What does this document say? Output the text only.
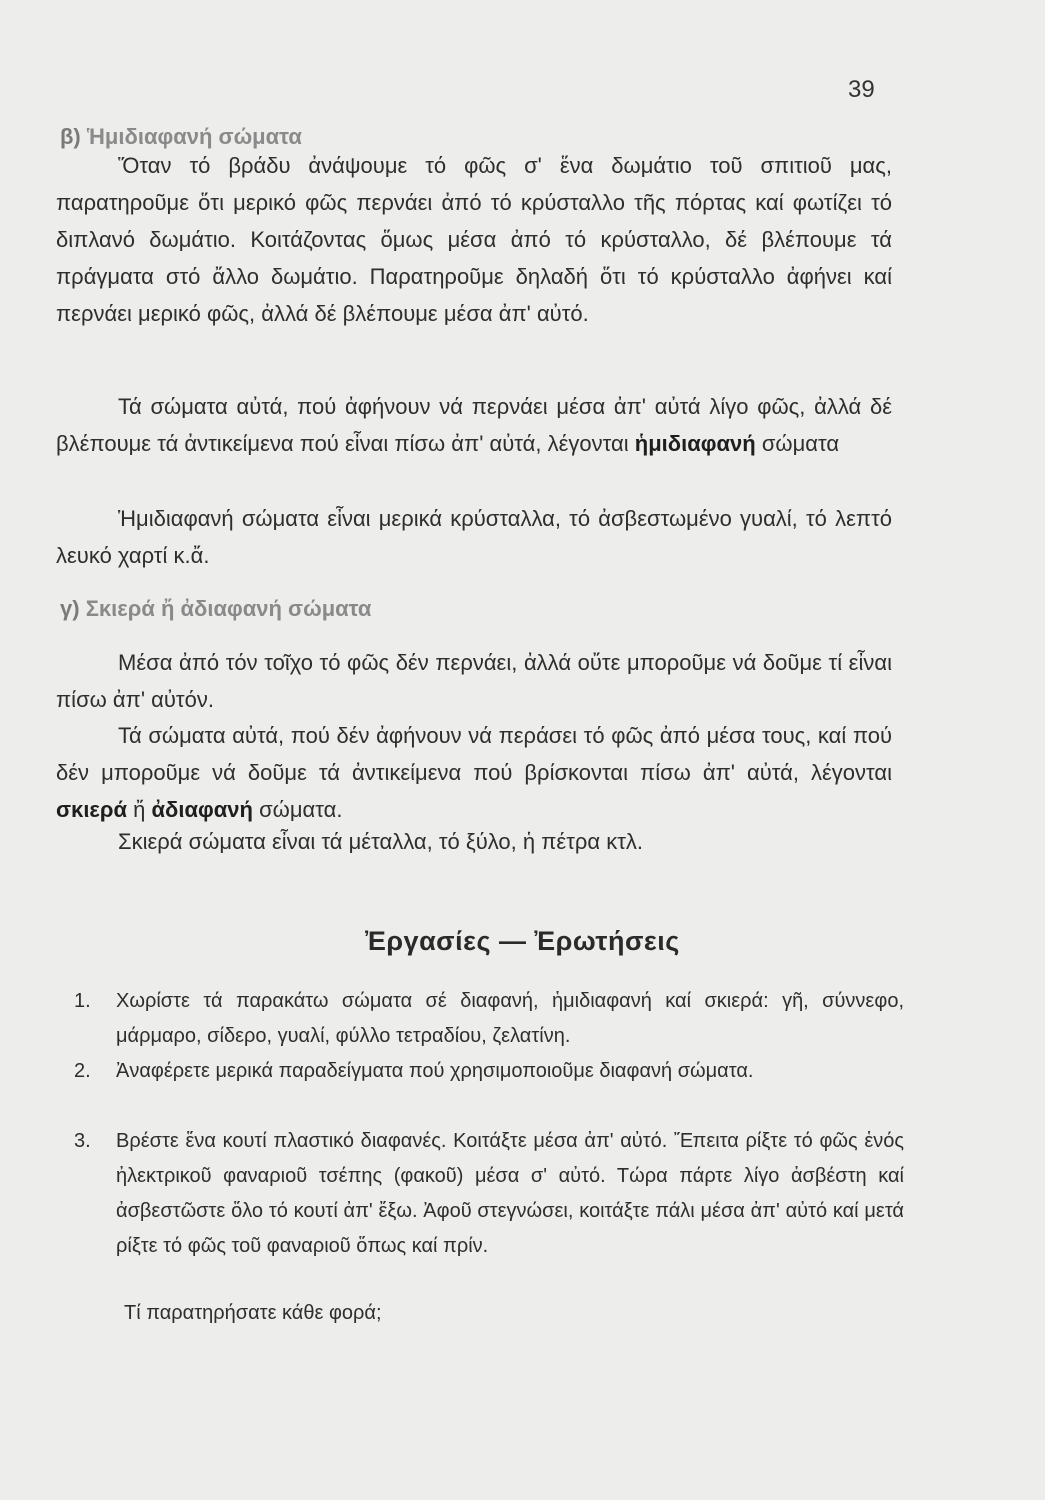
39
β) Ἡμιδιαφανή σώματα

Ὅταν τό βράδυ ἀνάψουμε τό φῶς σ' ἕνα δωμάτιο τοῦ σπιτιοῦ μας, παρατηροῦμε ὅτι μερικό φῶς περνάει ἀπό τό κρύσταλλο τῆς πόρτας καί φωτίζει τό διπλανό δωμάτιο. Κοιτάζοντας ὅμως μέσα ἀπό τό κρύσταλλο, δέ βλέπουμε τά πράγματα στό ἄλλο δωμάτιο. Παρατηροῦμε δηλαδή ὅτι τό κρύσταλλο ἀφήνει καί περνάει μερικό φῶς, ἀλλά δέ βλέπουμε μέσα ἀπ' αὐτό.

Τά σώματα αὐτά, πού ἀφήνουν νά περνάει μέσα ἀπ' αὐτά λίγο φῶς, ἀλλά δέ βλέπουμε τά ἀντικείμενα πού εἶναι πίσω ἀπ' αὐτά, λέγονται ἡμιδιαφανή σώματα

Ἡμιδιαφανή σώματα εἶναι μερικά κρύσταλλα, τό ἀσβεστωμένο γυαλί, τό λεπτό λευκό χαρτί κ.ἄ.

γ) Σκιερά ἤ ἀδιαφανή σώματα

Μέσα ἀπό τόν τοῖχο τό φῶς δέν περνάει, ἀλλά οὔτε μποροῦμε νά δοῦμε τί εἶναι πίσω ἀπ' αὐτόν.

Τά σώματα αὐτά, πού δέν ἀφήνουν νά περάσει τό φῶς ἀπό μέσα τους, καί πού δέν μποροῦμε νά δοῦμε τά ἀντικείμενα πού βρίσκονται πίσω ἀπ' αὐτά, λέγονται σκιερά ἤ ἀδιαφανή σώματα.

Σκιερά σώματα εἶναι τά μέταλλα, τό ξύλο, ἡ πέτρα κτλ.

Ἐργασίες — Ἐρωτήσεις
1.	Χωρίστε τά παρακάτω σώματα σέ διαφανή, ἡμιδιαφανή καί σκιερά: γῆ, σύννεφο, μάρμαρο, σίδερο, γυαλί, φύλλο τετραδίου, ζελατίνη.
2.	Ἀναφέρετε μερικά παραδείγματα πού χρησιμοποιοῦμε διαφανή σώματα.
3.	Βρέστε ἕνα κουτί πλαστικό διαφανές. Κοιτάξτε μέσα ἀπ' αὐτό. Ἔπειτα ρίξτε τό φῶς ἑνός ἠλεκτρικοῦ φαναριοῦ τσέπης (φακοῦ) μέσα σ' αὐτό. Τώρα πάρτε λίγο ἀσβέστη καί ἀσβεστῶστε ὅλο τό κουτί ἀπ' ἔξω. Ἀφοῦ στεγνώσει, κοιτάξτε πάλι μέσα ἀπ' αὐτό καί μετά ρίξτε τό φῶς τοῦ φαναριοῦ ὅπως καί πρίν.
Τί παρατηρήσατε κάθε φορά;
